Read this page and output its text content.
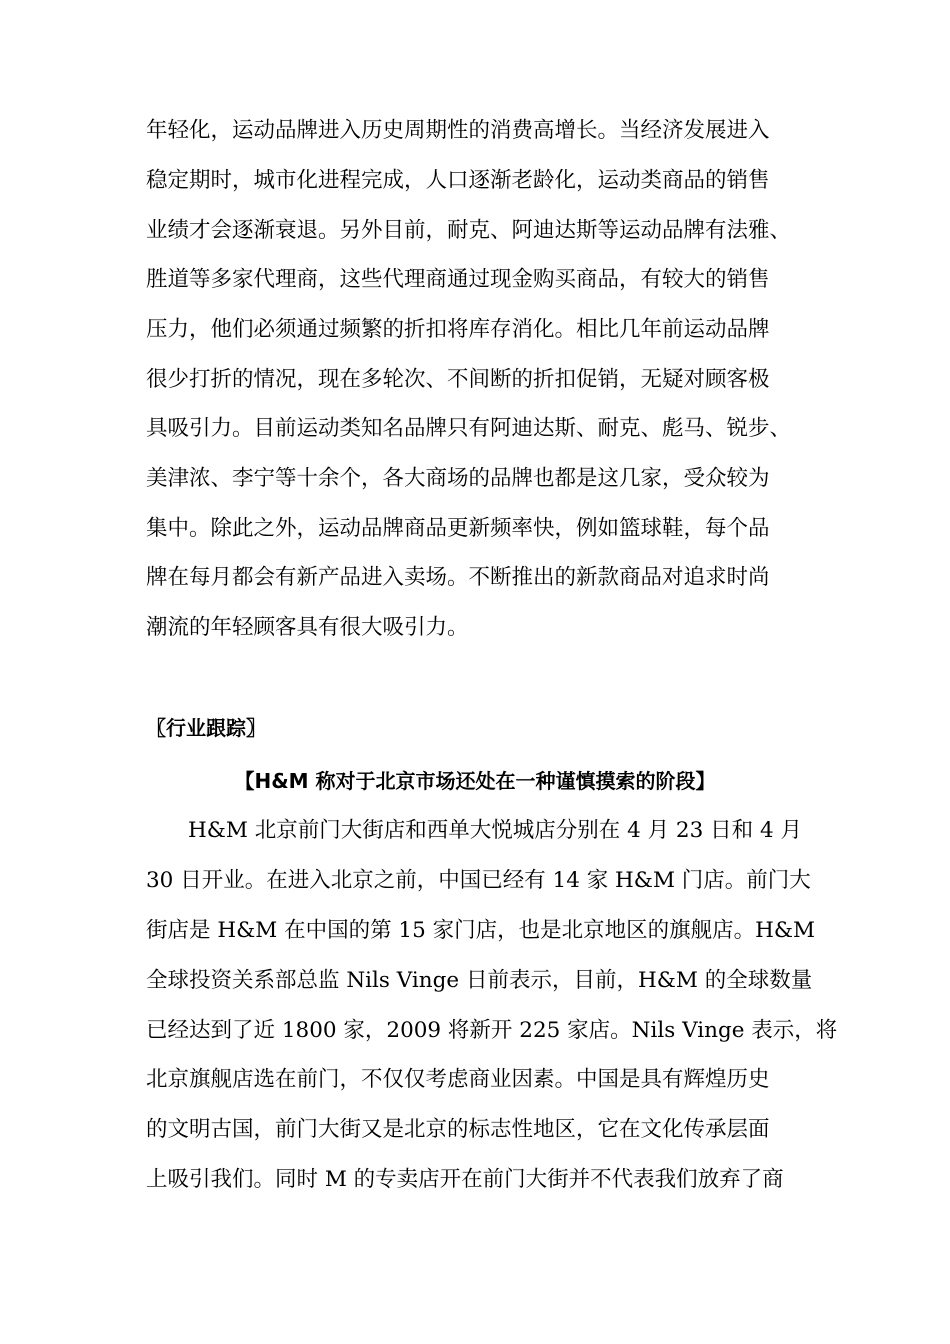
年轻化，运动品牌进入历史周期性的消费高增长。当经济发展进入
稳定期时，城市化进程完成，人口逐渐老龄化，运动类商品的销售
业绩才会逐渐衰退。另外目前，耐克、阿迪达斯等运动品牌有法雅、
胜道等多家代理商，这些代理商通过现金购买商品，有较大的销售
压力，他们必须通过频繁的折扣将库存消化。相比几年前运动品牌
很少打折的情况，现在多轮次、不间断的折扣促销，无疑对顾客极
具吸引力。目前运动类知名品牌只有阿迪达斯、耐克、彪马、锐步、
美津浓、李宁等十余个，各大商场的品牌也都是这几家，受众较为
集中。除此之外，运动品牌商品更新频率快，例如篮球鞋，每个品
牌在每月都会有新产品进入卖场。不断推出的新款商品对追求时尚
潮流的年轻顾客具有很大吸引力。
〖行业跟踪〗
【H&M 称对于北京市场还处在一种谨慎摸索的阶段】
H&M 北京前门大街店和西单大悦城店分别在 4 月 23 日和 4 月
30 日开业。在进入北京之前，中国已经有 14 家 H&M 门店。前门大
街店是 H&M 在中国的第 15 家门店，也是北京地区的旗舰店。H&M
全球投资关系部总监 Nils Vinge 日前表示，目前，H&M 的全球数量
已经达到了近 1800 家，2009 将新开 225 家店。Nils Vinge 表示，将
北京旗舰店选在前门，不仅仅考虑商业因素。中国是具有辉煌历史
的文明古国，前门大街又是北京的标志性地区，它在文化传承层面
上吸引我们。同时 M 的专卖店开在前门大街并不代表我们放弃了商
